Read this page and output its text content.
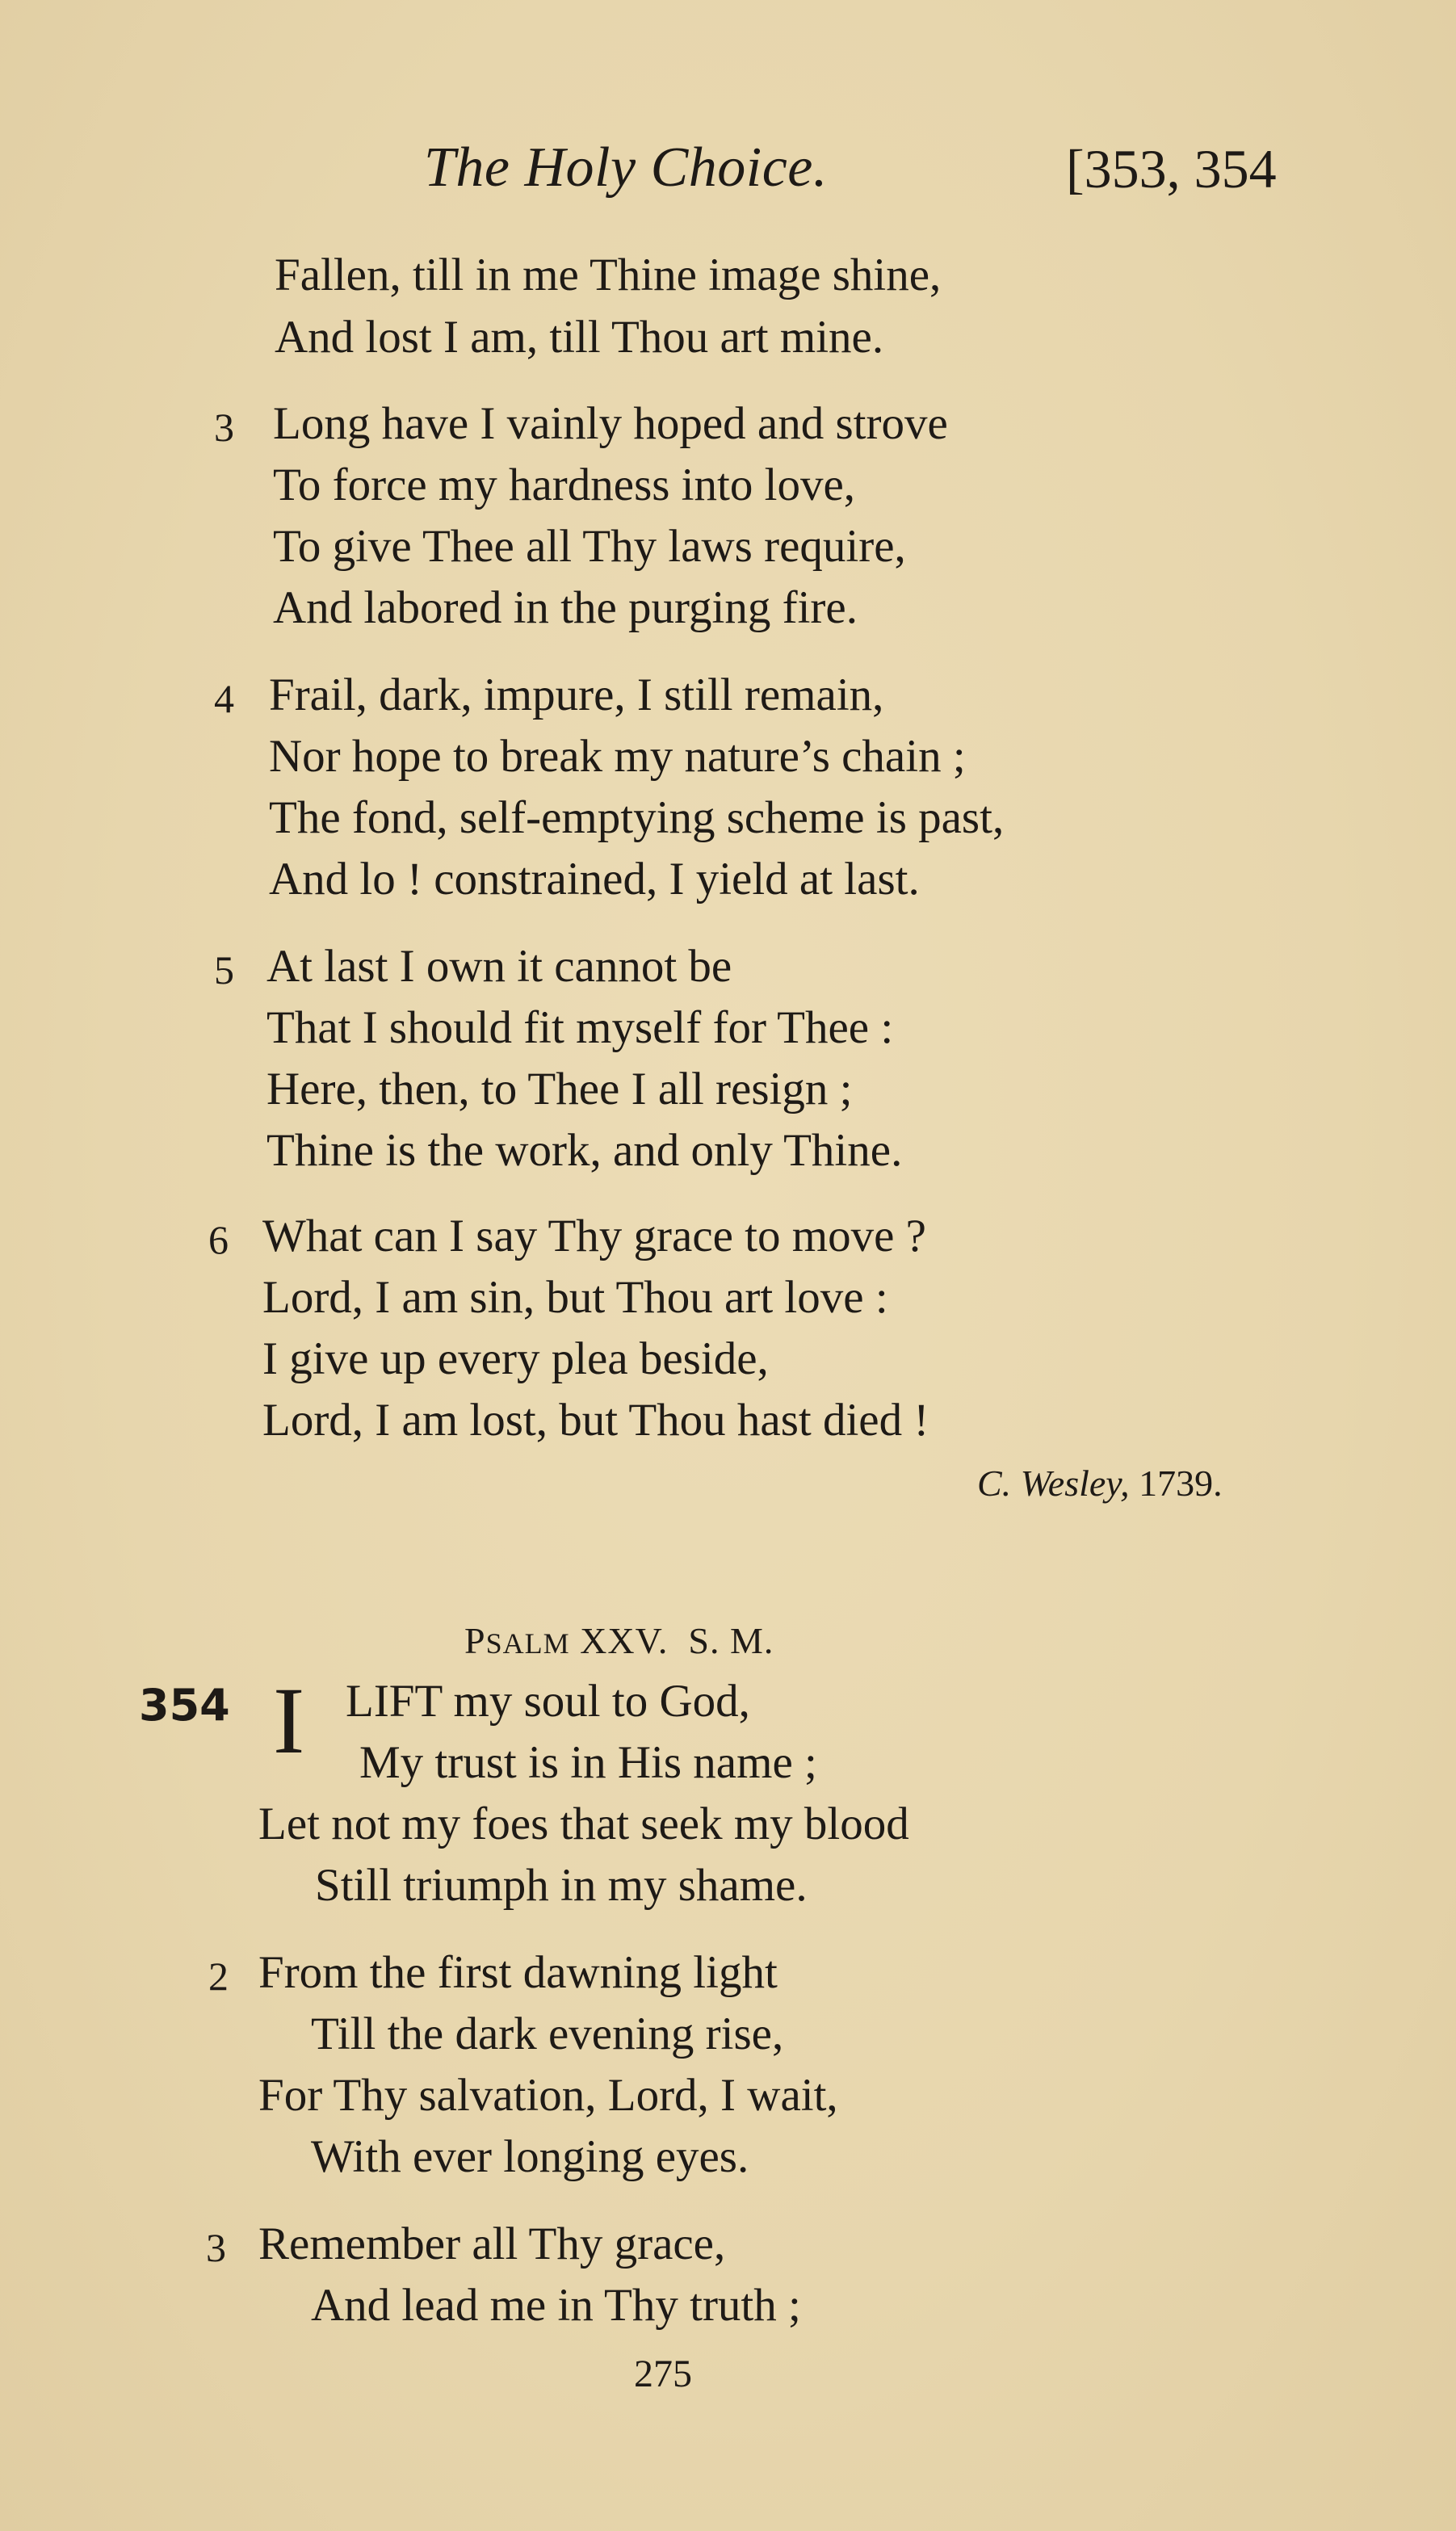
The Holy Choice.	[353, 354
Fallen, till in me Thine image shine,
And lost I am, till Thou art mine.
3 Long have I vainly hoped and strove
To force my hardness into love,
To give Thee all Thy laws require,
And labored in the purging fire.
4 Frail, dark, impure, I still remain,
Nor hope to break my nature’s chain ;
The fond, self-emptying scheme is past,
And lo ! constrained, I yield at last.
5 At last I own it cannot be
That I should fit myself for Thee :
Here, then, to Thee I all resign ;
Thine is the work, and only Thine.
6 What can I say Thy grace to move ?
Lord, I am sin, but Thou art love :
I give up every plea beside,
Lord, I am lost, but Thou hast died !
C. Wesley, 1739.
PSALM XXV. S. M.
354 I LIFT my soul to God,
My trust is in His name ;
Let not my foes that seek my blood
Still triumph in my shame.
2 From the first dawning light
Till the dark evening rise,
For Thy salvation, Lord, I wait,
With ever longing eyes.
3 Remember all Thy grace,
And lead me in Thy truth ;
275
